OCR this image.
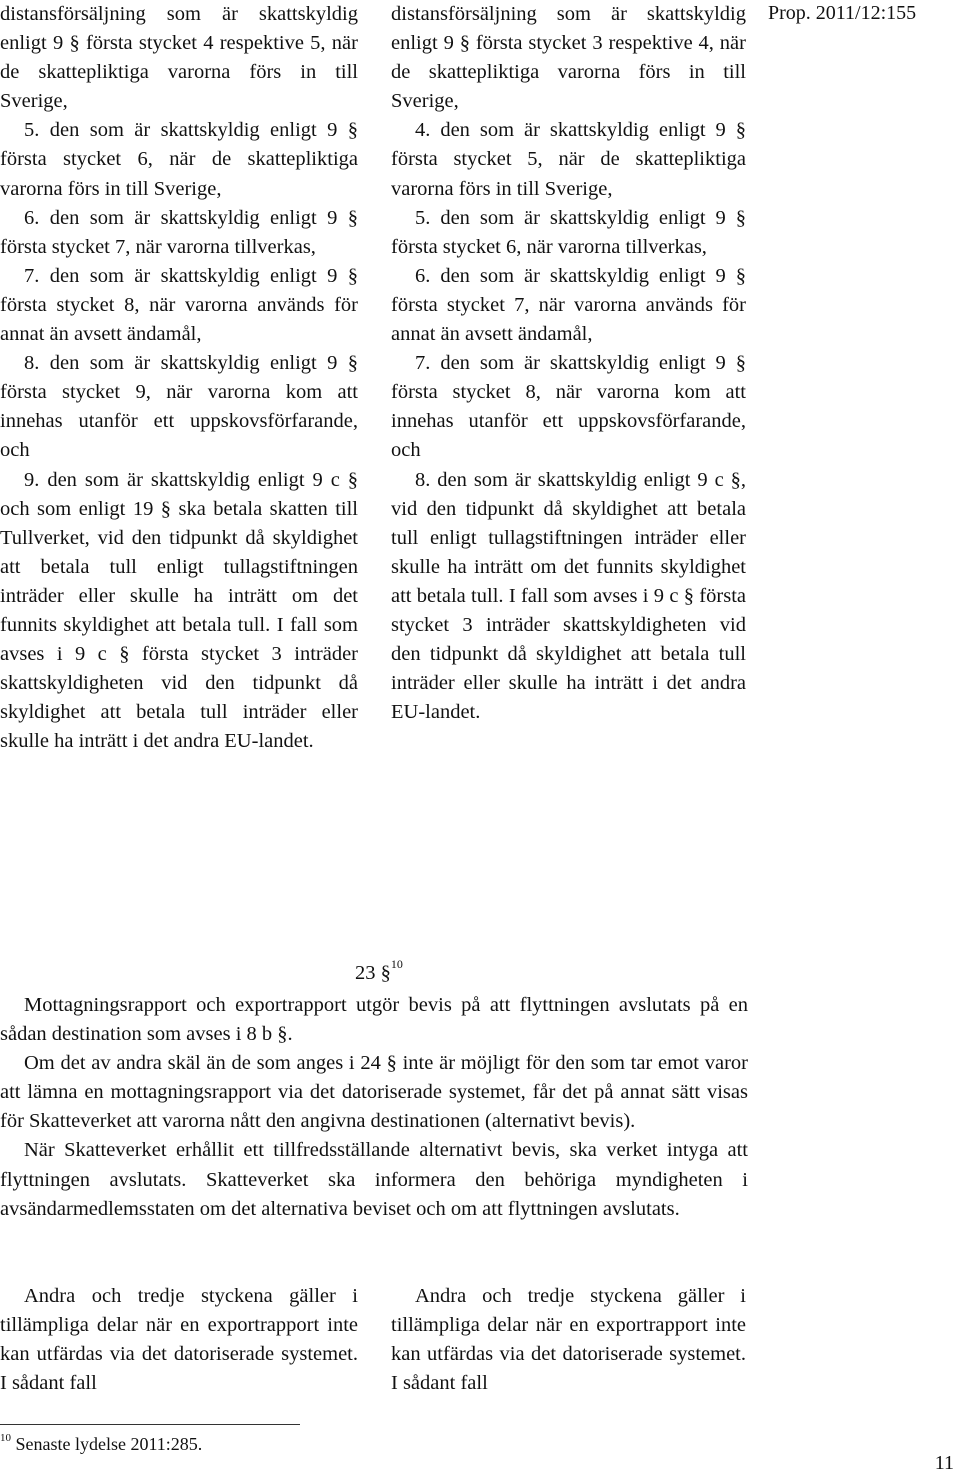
Prop. 2011/12:155

distansförsäljning som är skattskyldig enligt 9 § första stycket 4 respektive 5, när de skattepliktiga varorna förs in till Sverige,

5. den som är skattskyldig enligt 9 § första stycket 6, när de skattepliktiga varorna förs in till Sverige,

6. den som är skattskyldig enligt 9 § första stycket 7, när varorna tillverkas,

7. den som är skattskyldig enligt 9 § första stycket 8, när varorna används för annat än avsett ändamål,

8. den som är skattskyldig enligt 9 § första stycket 9, när varorna kom att innehas utanför ett uppskovsförfarande, och

9. den som är skattskyldig enligt 9 c § och som enligt 19 § ska betala skatten till Tullverket, vid den tidpunkt då skyldighet att betala tull enligt tullagstiftningen inträder eller skulle ha inträtt om det funnits skyldighet att betala tull. I fall som avses i 9 c § första stycket 3 inträder skattskyldigheten vid den tidpunkt då skyldighet att betala tull inträder eller skulle ha inträtt i det andra EU-landet.

distansförsäljning som är skattskyldig enligt 9 § första stycket 3 respektive 4, när de skattepliktiga varorna förs in till Sverige,

4. den som är skattskyldig enligt 9 § första stycket 5, när de skattepliktiga varorna förs in till Sverige,

5. den som är skattskyldig enligt 9 § första stycket 6, när varorna tillverkas,

6. den som är skattskyldig enligt 9 § första stycket 7, när varorna används för annat än avsett ändamål,

7. den som är skattskyldig enligt 9 § första stycket 8, när varorna kom att innehas utanför ett uppskovsförfarande, och

8. den som är skattskyldig enligt 9 c §, vid den tidpunkt då skyldighet att betala tull enligt tullagstiftningen inträder eller skulle ha inträtt om det funnits skyldighet att betala tull. I fall som avses i 9 c § första stycket 3 inträder skattskyldigheten vid den tidpunkt då skyldighet att betala tull inträder eller skulle ha inträtt i det andra EU-landet.

23 §$^{10}$

Mottagningsrapport och exportrapport utgör bevis på att flyttningen avslutats på en sådan destination som avses i 8 b §.

Om det av andra skäl än de som anges i 24 § inte är möjligt för den som tar emot varor att lämna en mottagningsrapport via det datoriserade systemet, får det på annat sätt visas för Skatteverket att varorna nått den angivna destinationen (alternativt bevis).

När Skatteverket erhållit ett tillfredsställande alternativt bevis, ska verket intyga att flyttningen avslutats. Skatteverket ska informera den behöriga myndigheten i avsändarmedlemsstaten om det alternativa beviset och om att flyttningen avslutats.

Andra och tredje styckena gäller i tillämpliga delar när en exportrapport inte kan utfärdas via det datoriserade systemet. I sådant fall

Andra och tredje styckena gäller i tillämpliga delar när en exportrapport inte kan utfärdas via det datoriserade systemet. I sådant fall

$^{10}$ Senaste lydelse 2011:285.
11
